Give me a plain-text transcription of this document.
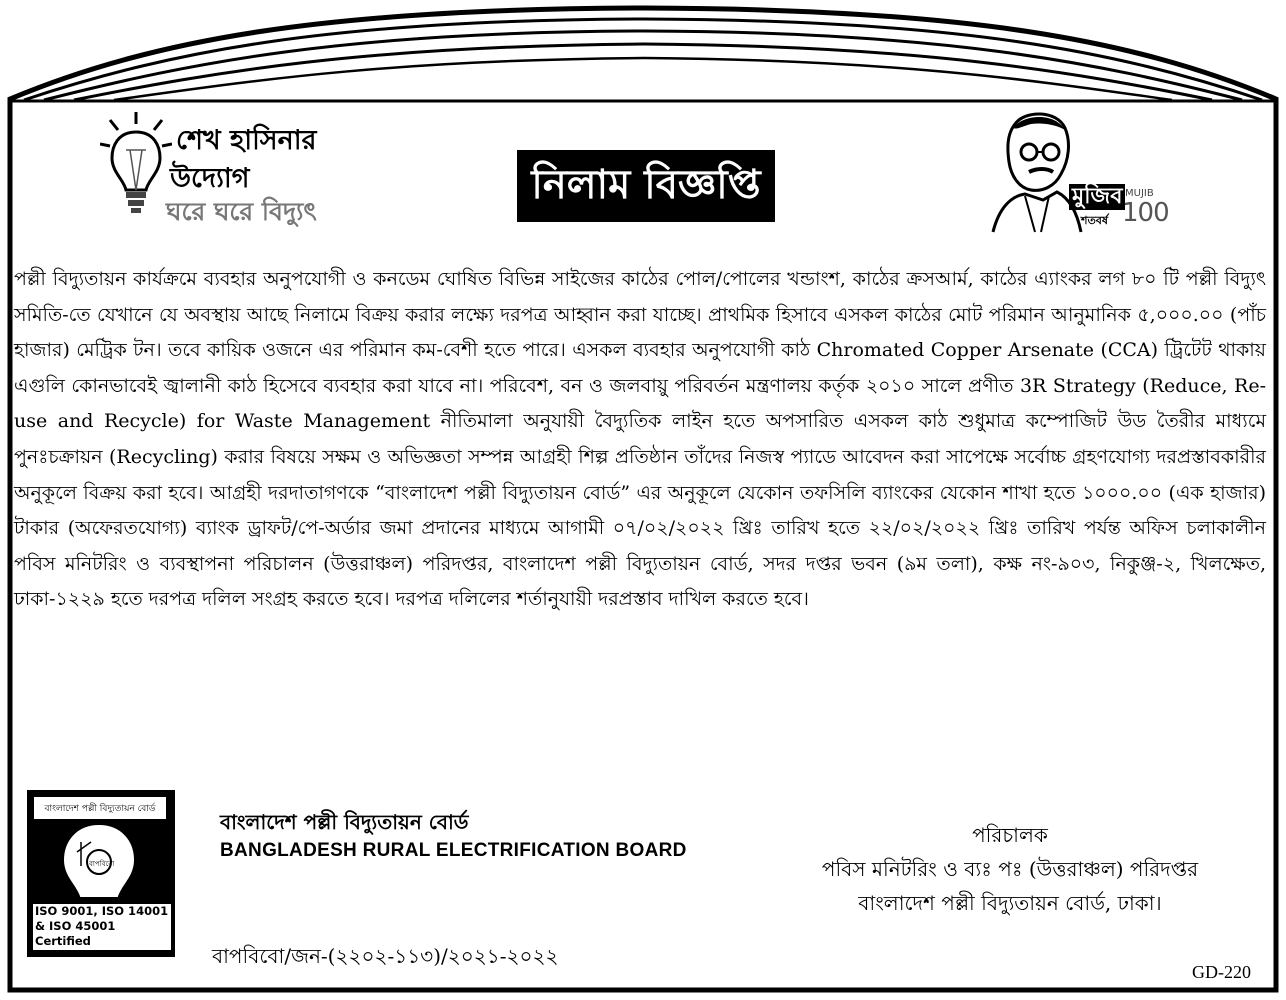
শেখ হাসিনার
উদ্যোগ
ঘরে ঘরে বিদ্যুৎ
নিলাম বিজ্ঞপ্তি	মুজিব
শতবর্ষ
MUJIB
100
পল্লী বিদ্যুতায়ন কার্যক্রমে ব্যবহার অনুপযোগী ও কনডেম ঘোষিত বিভিন্ন সাইজের কাঠের পোল/পোলের খন্ডাংশ, কাঠের ক্রসআর্ম, কাঠের এ্যাংকর লগ ৮০ টি পল্লী বিদ্যুৎ সমিতি-তে যেখানে যে অবস্থায় আছে নিলামে বিক্রয় করার লক্ষ্যে দরপত্র আহ্বান করা যাচ্ছে। প্রাথমিক হিসাবে এসকল কাঠের মোট পরিমান আনুমানিক ৫,০০০.০০ (পাঁচ হাজার) মেট্রিক টন। তবে কায়িক ওজনে এর পরিমান কম-বেশী হতে পারে। এসকল ব্যবহার অনুপযোগী কাঠ Chromated Copper Arsenate (CCA) ট্রিটেট থাকায় এগুলি কোনভাবেই জ্বালানী কাঠ হিসেবে ব্যবহার করা যাবে না। পরিবেশ, বন ও জলবায়ু পরিবর্তন মন্ত্রণালয় কর্তৃক ২০১০ সালে প্রণীত 3R Strategy (Reduce, Re-use and Recycle) for Waste Management নীতিমালা অনুযায়ী বৈদ্যুতিক লাইন হতে অপসারিত এসকল কাঠ শুধুমাত্র কম্পোজিট উড তৈরীর মাধ্যমে পুনঃচক্রায়ন (Recycling) করার বিষয়ে সক্ষম ও অভিজ্ঞতা সম্পন্ন আগ্রহী শিল্প প্রতিষ্ঠান তাঁদের নিজস্ব প্যাডে আবেদন করা সাপেক্ষে সর্বোচ্চ গ্রহণযোগ্য দরপ্রস্তাবকারীর অনুকূলে বিক্রয় করা হবে। আগ্রহী দরদাতাগণকে “বাংলাদেশ পল্লী বিদ্যুতায়ন বোর্ড” এর অনুকূলে যেকোন তফসিলি ব্যাংকের যেকোন শাখা হতে ১০০০.০০ (এক হাজার) টাকার (অফেরতযোগ্য) ব্যাংক ড্রাফট/পে-অর্ডার জমা প্রদানের মাধ্যমে আগামী ০৭/০২/২০২২ খ্রিঃ তারিখ হতে ২২/০২/২০২২ খ্রিঃ তারিখ পর্যন্ত অফিস চলাকালীন পবিস মনিটরিং ও ব্যবস্থাপনা পরিচালন (উত্তরাঞ্চল) পরিদপ্তর, বাংলাদেশ পল্লী বিদ্যুতায়ন বোর্ড, সদর দপ্তর ভবন (৯ম তলা), কক্ষ নং-৯০৩, নিকুঞ্জ-২, খিলক্ষেত, ঢাকা-১২২৯ হতে দরপত্র দলিল সংগ্রহ করতে হবে। দরপত্র দলিলের শর্তানুযায়ী দরপ্রস্তাব দাখিল করতে হবে।
বাংলাদেশ পল্লী বিদ্যুতায়ন বোর্ড
বাপবিবো
ISO 9001, ISO 14001
& ISO 45001 Certified
বাংলাদেশ পল্লী বিদ্যুতায়ন বোর্ড
BANGLADESH RURAL ELECTRIFICATION BOARD
পরিচালক
পবিস মনিটরিং ও ব্যঃ পঃ (উত্তরাঞ্চল) পরিদপ্তর
বাংলাদেশ পল্লী বিদ্যুতায়ন বোর্ড, ঢাকা।
বাপবিবো/জন-(২২০২-১১৩)/২০২১-২০২২
GD-220
